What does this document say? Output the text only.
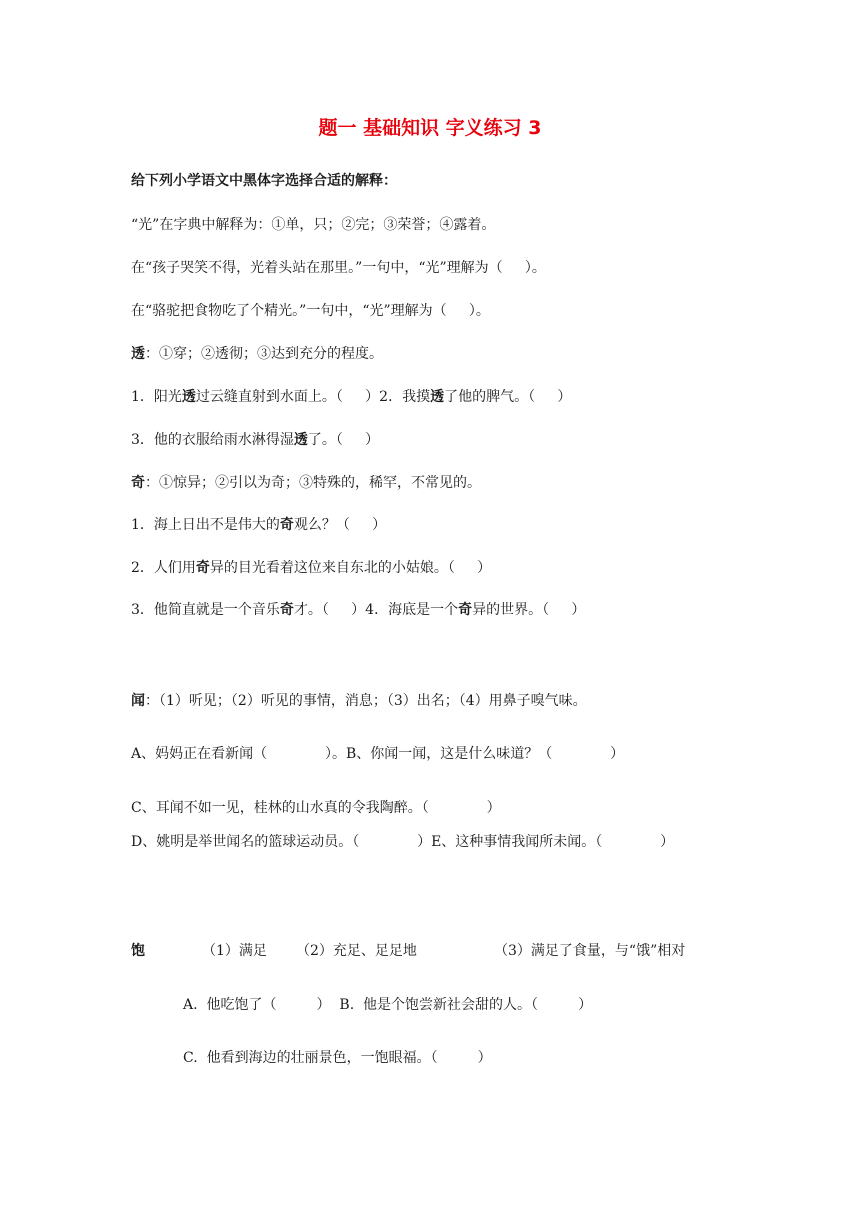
题一 基础知识 字义练习 3
给下列小学语文中黑体字选择合适的解释：
“光”在字典中解释为：①单，只；②完；③荣誉；④露着。
在“孩子哭笑不得，光着头站在那里。”一句中，“光”理解为（     ）。
在“骆驼把食物吃了个精光。”一句中，“光”理解为（     ）。
透：①穿；②透彻；③达到充分的程度。
1．阳光透过云缝直射到水面上。（     ）2．我摸透了他的脾气。（     ）
3．他的衣服给雨水淋得湿透了。（     ）
奇：①惊异；②引以为奇；③特殊的，稀罕，不常见的。
1．海上日出不是伟大的奇观么？（     ）
2．人们用奇异的目光看着这位来自东北的小姑娘。（     ）
3．他简直就是一个音乐奇才。（     ）4．海底是一个奇异的世界。（     ）
闻：（1）听见；（2）听见的事情，消息；（3）出名；（4）用鼻子嗅气味。
A、妈妈正在看新闻（             ）。B、你闻一闻，这是什么味道？（             ）
C、耳闻不如一见，桂林的山水真的令我陶醉。（             ）
D、姚明是举世闻名的篮球运动员。（             ）E、这种事情我闻所未闻。（             ）
饱	（1）满足 （2）充足、足足地	（3）满足了食量，与“饿”相对
A.  他吃饱了（         ）  B.  他是个饱尝新社会甜的人。（         ）
C.  他看到海边的壮丽景色，一饱眼福。（         ）
